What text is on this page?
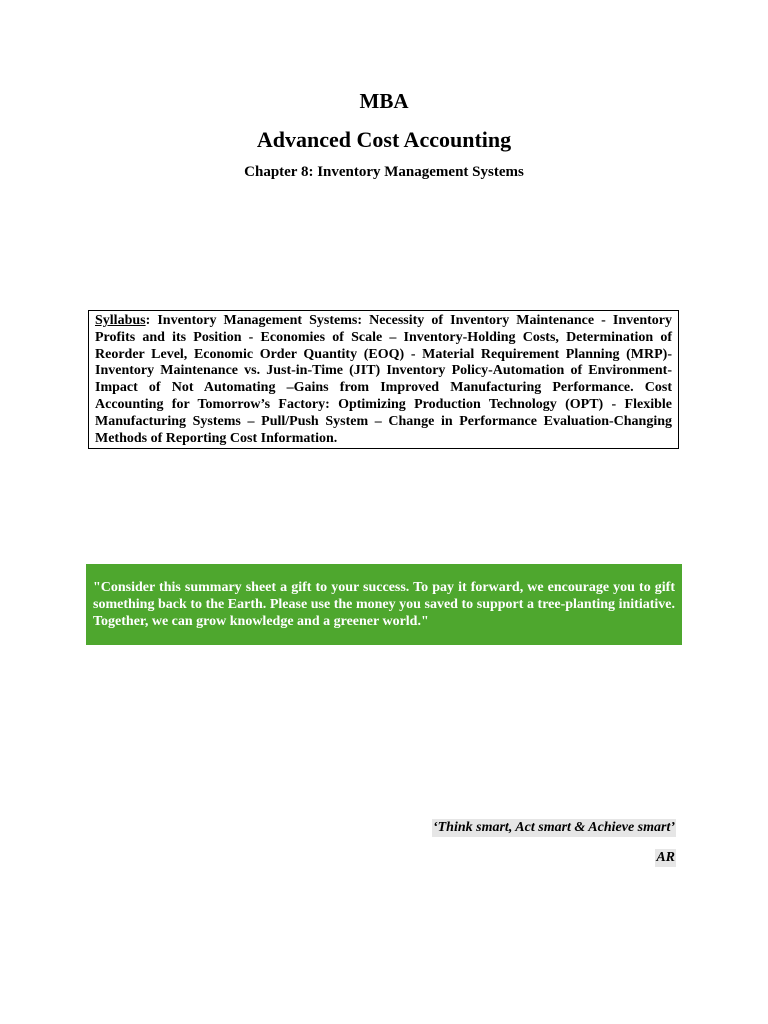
MBA
Advanced Cost Accounting
Chapter 8: Inventory Management Systems
Syllabus: Inventory Management Systems: Necessity of Inventory Maintenance - Inventory Profits and its Position - Economies of Scale – Inventory-Holding Costs, Determination of Reorder Level, Economic Order Quantity (EOQ) - Material Requirement Planning (MRP)- Inventory Maintenance vs. Just-in-Time (JIT) Inventory Policy-Automation of Environment-Impact of Not Automating –Gains from Improved Manufacturing Performance. Cost Accounting for Tomorrow’s Factory: Optimizing Production Technology (OPT) - Flexible Manufacturing Systems – Pull/Push System – Change in Performance Evaluation-Changing Methods of Reporting Cost Information.
"Consider this summary sheet a gift to your success. To pay it forward, we encourage you to gift something back to the Earth. Please use the money you saved to support a tree-planting initiative. Together, we can grow knowledge and a greener world."
‘Think smart, Act smart & Achieve smart’
AR
